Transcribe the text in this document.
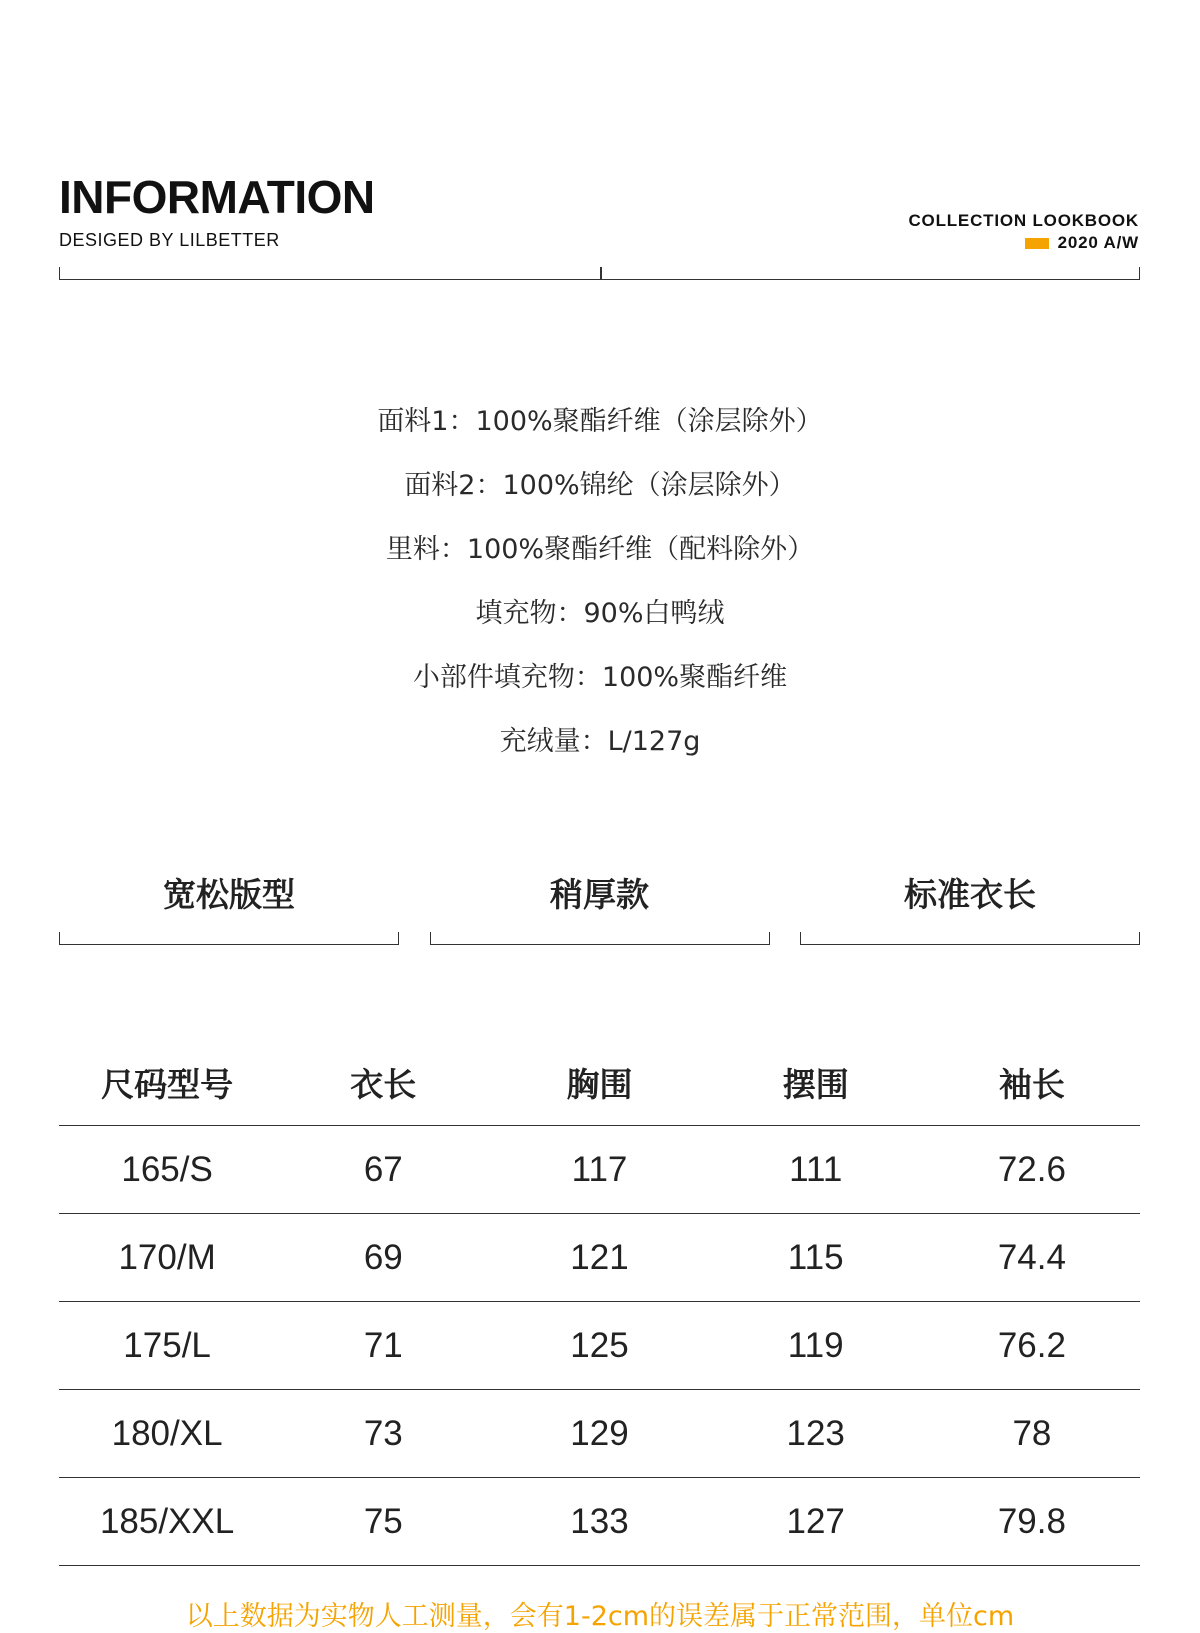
INFORMATION
DESIGED BY LILBETTER
COLLECTION LOOKBOOK
2020 A/W
面料1：100%聚酯纤维（涂层除外）
面料2：100%锦纶（涂层除外）
里料：100%聚酯纤维（配料除外）
填充物：90%白鸭绒
小部件填充物：100%聚酯纤维
充绒量：L/127g
宽松版型	稍厚款	标准衣长
尺码型号	衣长	胸围	摆围	袖长
165/S	67	117	111	72.6
170/M	69	121	115	74.4
175/L	71	125	119	76.2
180/XL	73	129	123	78
185/XXL	75	133	127	79.8
以上数据为实物人工测量，会有1-2cm的误差属于正常范围，单位cm
